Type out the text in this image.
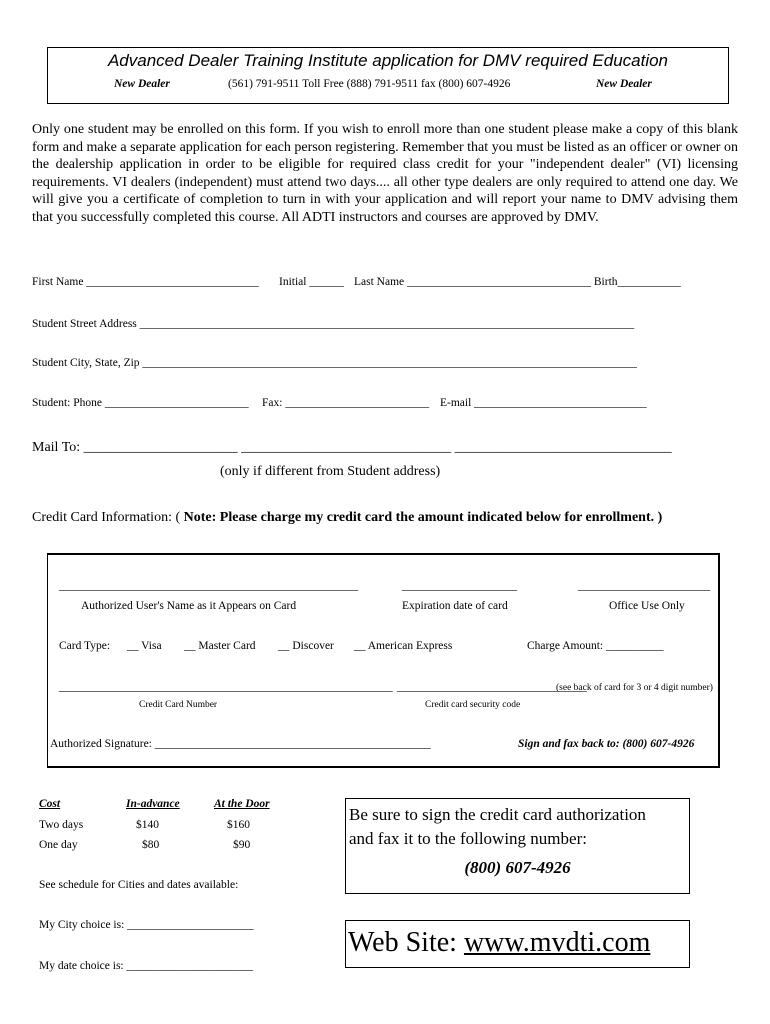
Advanced Dealer Training Institute application for DMV required Education
New Dealer	(561) 791-9511 Toll Free (888) 791-9511 fax (800) 607-4926	New Dealer
Only one student may be enrolled on this form. If you wish to enroll more than one student please make a copy of this blank form and make a separate application for each person registering. Remember that you must be listed as an officer or owner on the dealership application in order to be eligible for required class credit for your "independent dealer" (VI) licensing requirements. VI dealers (independent) must attend two days.... all other type dealers are only required to attend one day. We will give you a certificate of completion to turn in with your application and will report your name to DMV advising them that you successfully completed this course. All ADTI instructors and courses are approved by DMV.
First Name ______________________________ Initial ______ Last Name ________________________________ Birth___________
Student Street Address ______________________________________________________________________________________
Student City, State, Zip ______________________________________________________________________________________
Student: Phone _________________________ Fax: _________________________ E-mail ______________________________
Mail To: ______________________ ______________________________ _______________________________
(only if different from Student address)
Credit Card Information: ( Note: Please charge my credit card the amount indicated below for enrollment. )
____________________________________________________
Authorized User's Name as it Appears on Card
____________________
Expiration date of card
_______________________
Office Use Only
Card Type: __ Visa __ Master Card __ Discover __ American Express	Charge Amount: __________
__________________________________________________________
Credit Card Number
_________________________________
(see back of card for 3 or 4 digit number)
Credit card security code
Authorized Signature: ________________________________________________	Sign and fax back to: (800) 607-4926
Cost	In-advance	At the Door
Two days	$140	$160
One day	$80	$90
See schedule for Cities and dates available:
My City choice is: ______________________
My date choice is: ______________________
Be sure to sign the credit card authorization
and fax it to the following number:
(800) 607-4926
Web Site: www.mvdti.com
